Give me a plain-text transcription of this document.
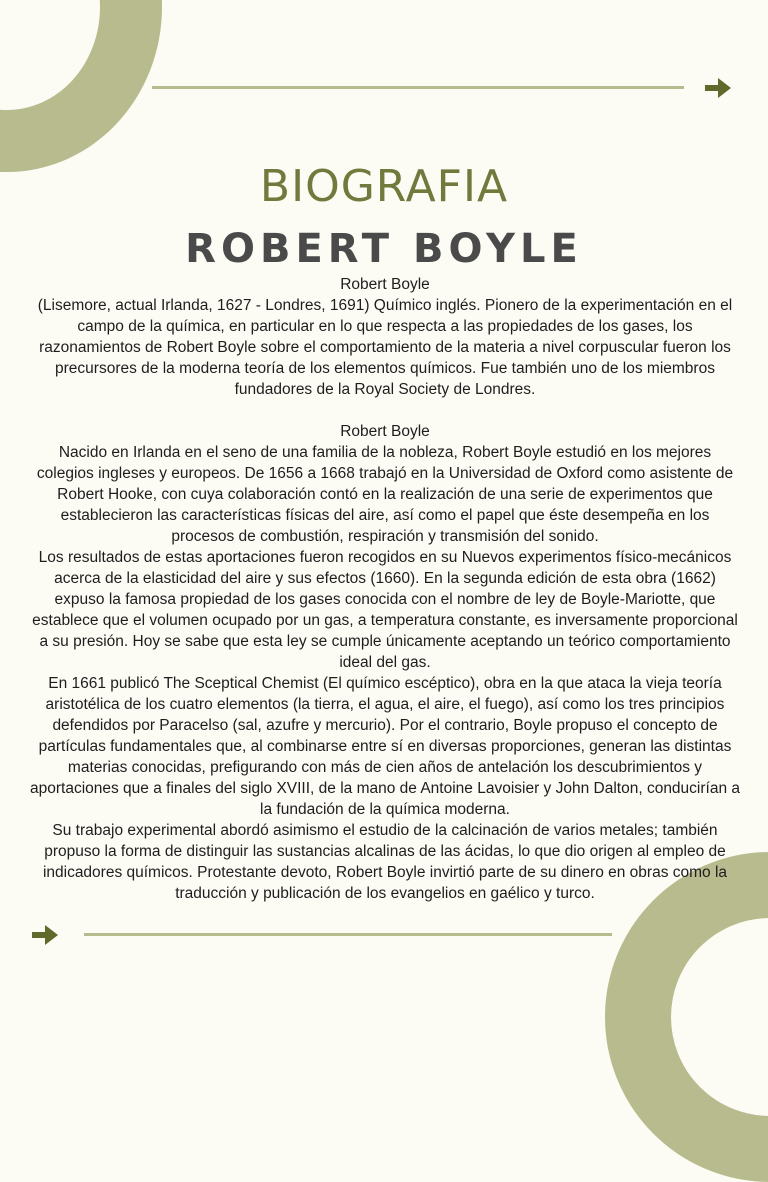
BIOGRAFIA
ROBERT BOYLE

Robert Boyle

(Lisemore, actual Irlanda, 1627 - Londres, 1691) Químico inglés. Pionero de la experimentación en el campo de la química, en particular en lo que respecta a las propiedades de los gases, los razonamientos de Robert Boyle sobre el comportamiento de la materia a nivel corpuscular fueron los precursores de la moderna teoría de los elementos químicos. Fue también uno de los miembros fundadores de la Royal Society de Londres.

Robert Boyle

Nacido en Irlanda en el seno de una familia de la nobleza, Robert Boyle estudió en los mejores colegios ingleses y europeos. De 1656 a 1668 trabajó en la Universidad de Oxford como asistente de Robert Hooke, con cuya colaboración contó en la realización de una serie de experimentos que establecieron las características físicas del aire, así como el papel que éste desempeña en los procesos de combustión, respiración y transmisión del sonido.

Los resultados de estas aportaciones fueron recogidos en su Nuevos experimentos físico-mecánicos acerca de la elasticidad del aire y sus efectos (1660). En la segunda edición de esta obra (1662) expuso la famosa propiedad de los gases conocida con el nombre de ley de Boyle-Mariotte, que establece que el volumen ocupado por un gas, a temperatura constante, es inversamente proporcional a su presión. Hoy se sabe que esta ley se cumple únicamente aceptando un teórico comportamiento ideal del gas.

En 1661 publicó The Sceptical Chemist (El químico escéptico), obra en la que ataca la vieja teoría aristotélica de los cuatro elementos (la tierra, el agua, el aire, el fuego), así como los tres principios defendidos por Paracelso (sal, azufre y mercurio). Por el contrario, Boyle propuso el concepto de partículas fundamentales que, al combinarse entre sí en diversas proporciones, generan las distintas materias conocidas, prefigurando con más de cien años de antelación los descubrimientos y aportaciones que a finales del siglo XVIII, de la mano de Antoine Lavoisier y John Dalton, conducirían a la fundación de la química moderna.

Su trabajo experimental abordó asimismo el estudio de la calcinación de varios metales; también propuso la forma de distinguir las sustancias alcalinas de las ácidas, lo que dio origen al empleo de indicadores químicos. Protestante devoto, Robert Boyle invirtió parte de su dinero en obras como la traducción y publicación de los evangelios en gaélico y turco.
